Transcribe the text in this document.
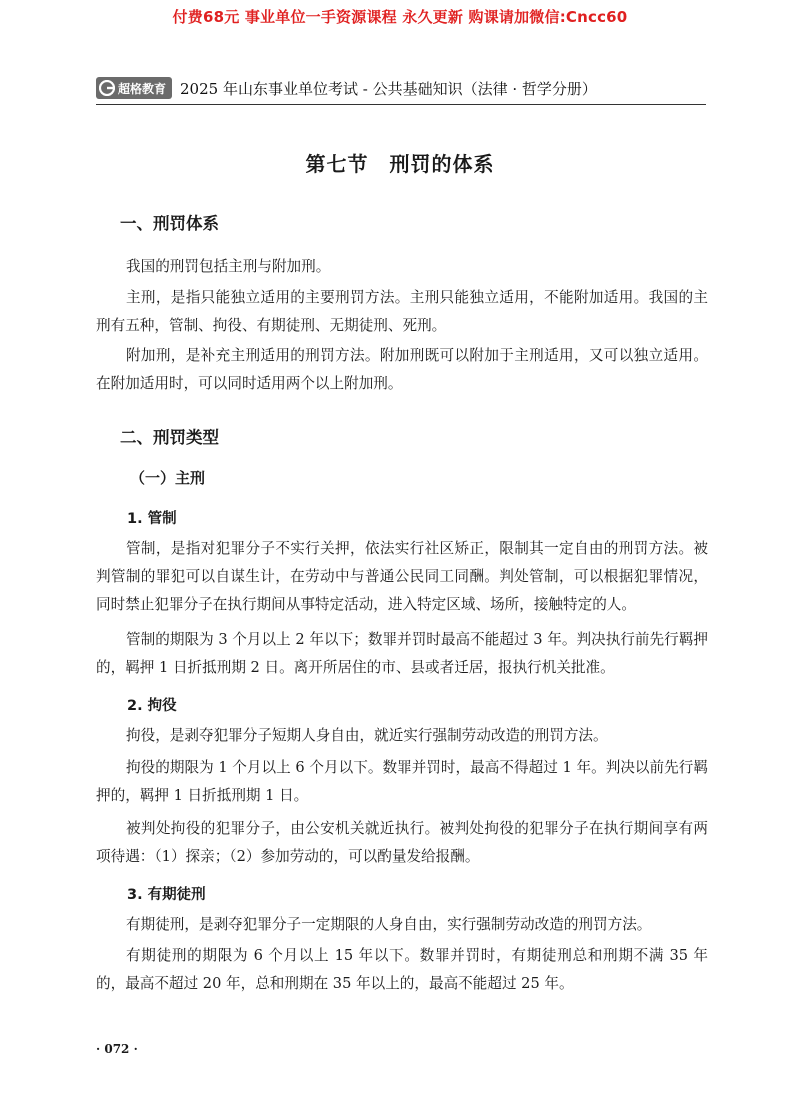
付费68元 事业单位一手资源课程 永久更新 购课请加微信:Cncc60
超格教育 2025 年山东事业单位考试 - 公共基础知识（法律 · 哲学分册）
第七节　刑罚的体系
一、刑罚体系
我国的刑罚包括主刑与附加刑。
主刑，是指只能独立适用的主要刑罚方法。主刑只能独立适用，不能附加适用。我国的主刑有五种，管制、拘役、有期徒刑、无期徒刑、死刑。
附加刑，是补充主刑适用的刑罚方法。附加刑既可以附加于主刑适用，又可以独立适用。在附加适用时，可以同时适用两个以上附加刑。
二、刑罚类型
（一）主刑
1. 管制
管制，是指对犯罪分子不实行关押，依法实行社区矫正，限制其一定自由的刑罚方法。被判管制的罪犯可以自谋生计，在劳动中与普通公民同工同酬。判处管制，可以根据犯罪情况，同时禁止犯罪分子在执行期间从事特定活动，进入特定区域、场所，接触特定的人。
管制的期限为 3 个月以上 2 年以下；数罪并罚时最高不能超过 3 年。判决执行前先行羁押的，羁押 1 日折抵刑期 2 日。离开所居住的市、县或者迁居，报执行机关批准。
2. 拘役
拘役，是剥夺犯罪分子短期人身自由，就近实行强制劳动改造的刑罚方法。
拘役的期限为 1 个月以上 6 个月以下。数罪并罚时，最高不得超过 1 年。判决以前先行羁押的，羁押 1 日折抵刑期 1 日。
被判处拘役的犯罪分子，由公安机关就近执行。被判处拘役的犯罪分子在执行期间享有两项待遇：（1）探亲；（2）参加劳动的，可以酌量发给报酬。
3. 有期徒刑
有期徒刑，是剥夺犯罪分子一定期限的人身自由，实行强制劳动改造的刑罚方法。
有期徒刑的期限为 6 个月以上 15 年以下。数罪并罚时，有期徒刑总和刑期不满 35 年的，最高不超过 20 年，总和刑期在 35 年以上的，最高不能超过 25 年。
· 072 ·
